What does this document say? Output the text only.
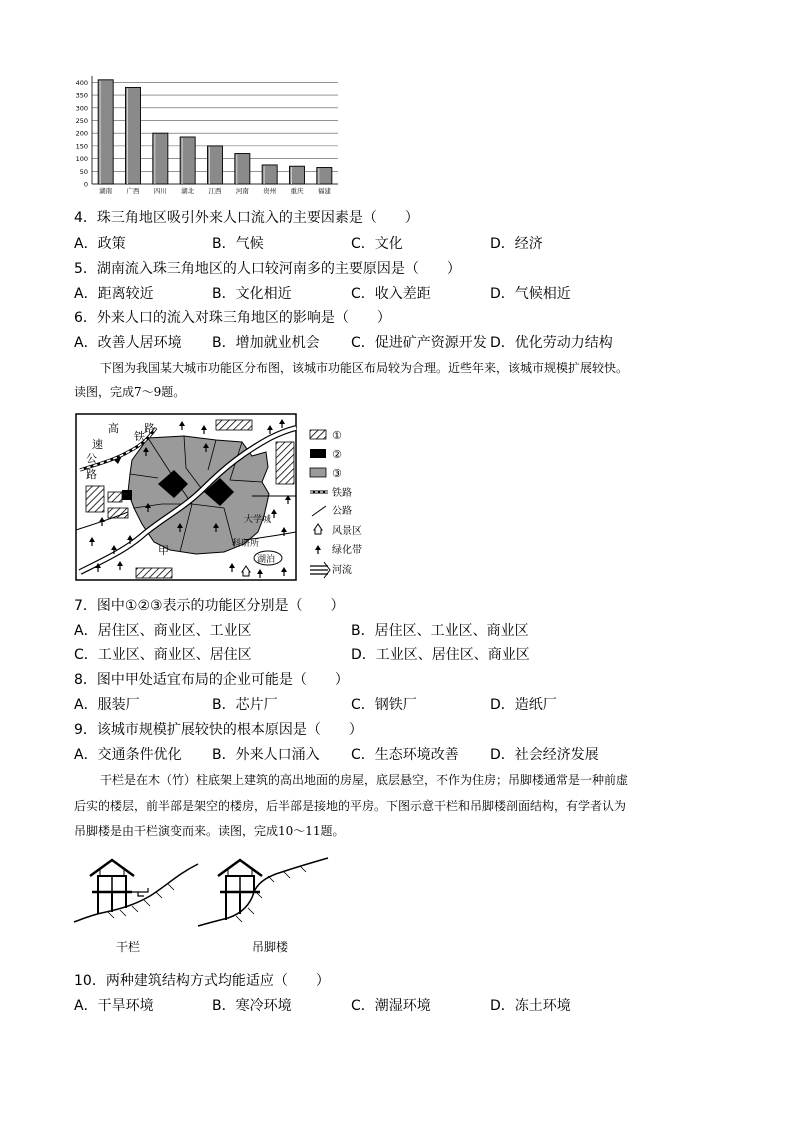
0
50
100
150
200
250
300
350
400
湖南 广西 四川 湖北 江西 河南 贵州 重庆 福建
4．珠三角地区吸引外来人口流入的主要因素是（　　）
A．政策	B．气候	C．文化	D．经济
5．湖南流入珠三角地区的人口较河南多的主要原因是（　　）
A．距离较近	B．文化相近	C．收入差距	D．气候相近
6．外来人口的流入对珠三角地区的影响是（　　）
A．改善人居环境 B．增加就业机会 C．促进矿产资源开发 D．优化劳动力结构
下图为我国某大城市功能区分布图，该城市功能区布局较为合理。近些年来，该城市规模扩展较快。
读图，完成7～9题。
高
速
公
路
铁
路
甲
大学城
科研所
湖泊
①
②
③
铁路
公路
风景区
绿化带
河流
7．图中①②③表示的功能区分别是（　　）
A．居住区、商业区、工业区	B．居住区、工业区、商业区
C．工业区、商业区、居住区	D．工业区、居住区、商业区
8．图中甲处适宜布局的企业可能是（　　）
A．服装厂	B．芯片厂	C．钢铁厂	D．造纸厂
9．该城市规模扩展较快的根本原因是（　　）
A．交通条件优化 B．外来人口涌入 C．生态环境改善 D．社会经济发展
干栏是在木（竹）柱底架上建筑的高出地面的房屋，底层悬空，不作为住房；吊脚楼通常是一种前虚
后实的楼层，前半部是架空的楼房，后半部是接地的平房。下图示意干栏和吊脚楼剖面结构，有学者认为
吊脚楼是由干栏演变而来。读图，完成10～11题。
干栏	吊脚楼
10．两种建筑结构方式均能适应（　　）
A．干旱环境	B．寒冷环境	C．潮湿环境	D．冻土环境
